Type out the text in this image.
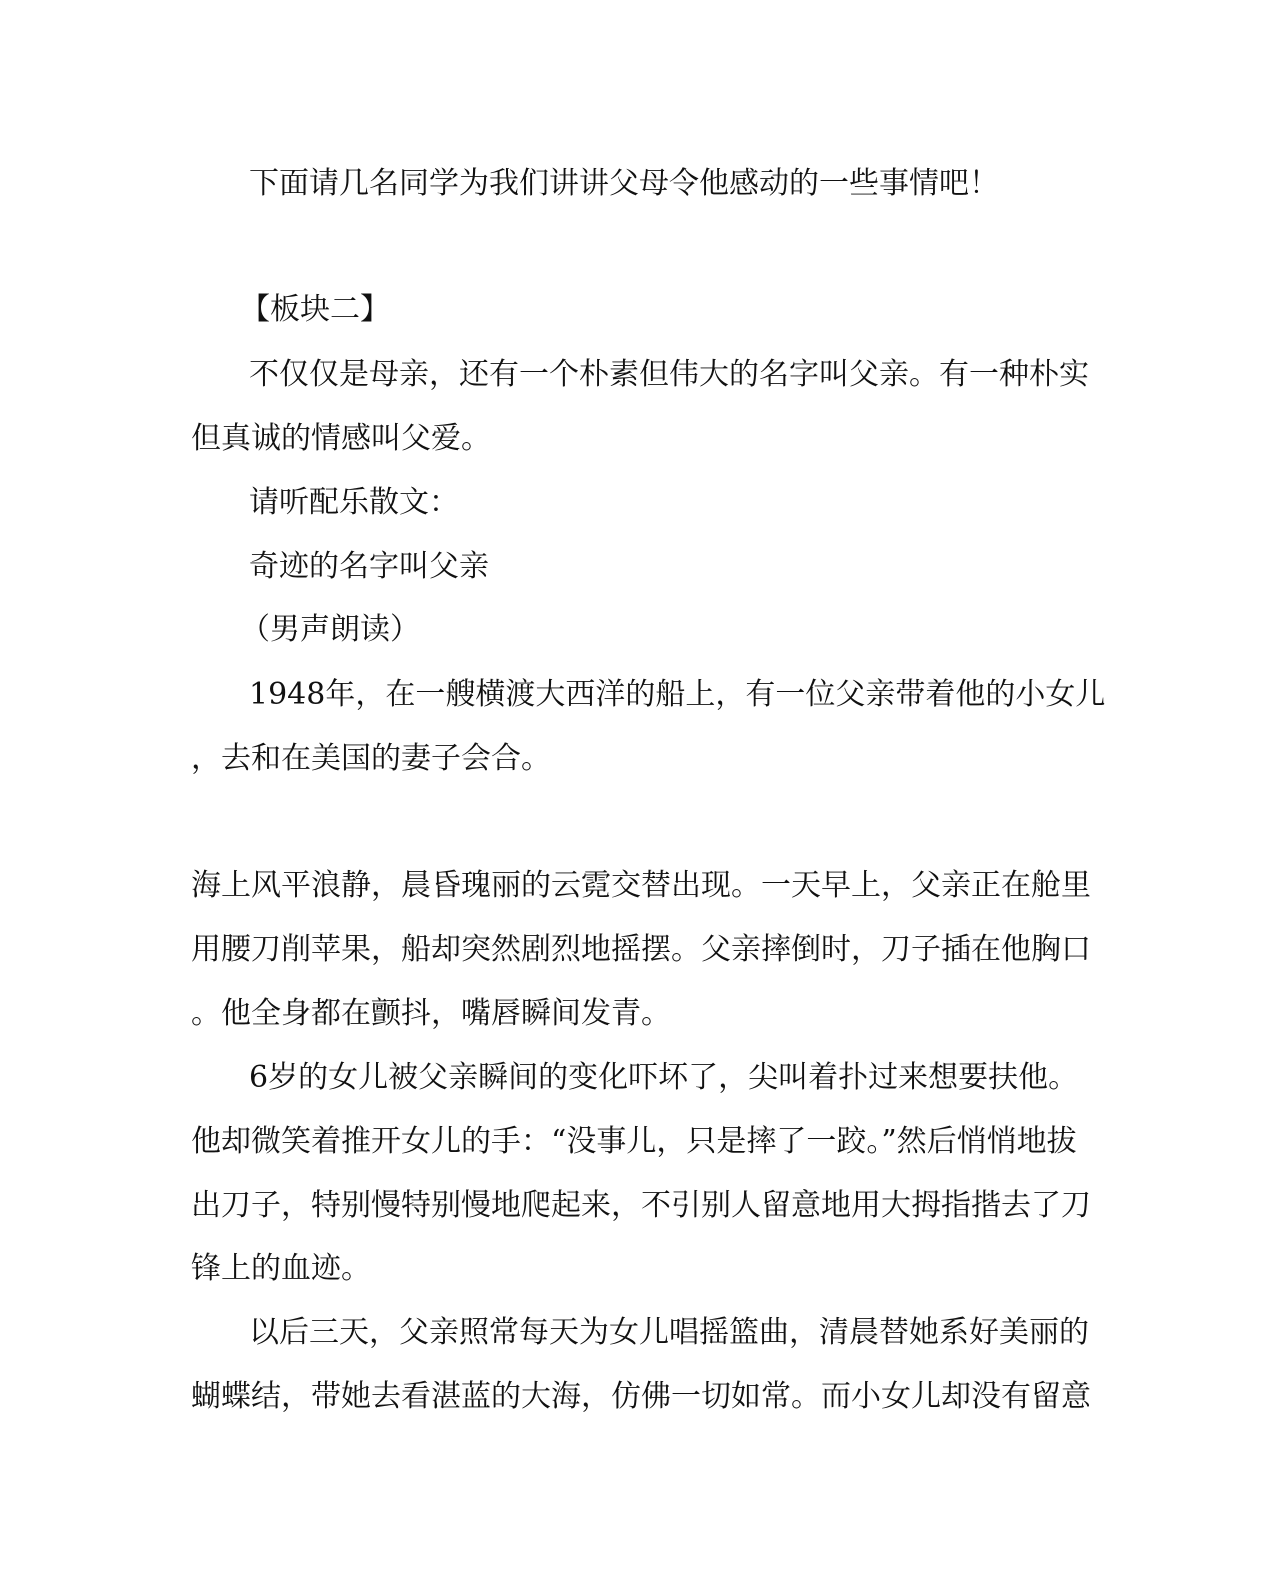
下面请几名同学为我们讲讲父母令他感动的一些事情吧！
【板块二】
不仅仅是母亲，还有一个朴素但伟大的名字叫父亲。有一种朴实
但真诚的情感叫父爱。
请听配乐散文：
奇迹的名字叫父亲
（男声朗读）
1948年，在一艘横渡大西洋的船上，有一位父亲带着他的小女儿
，去和在美国的妻子会合。
海上风平浪静，晨昏瑰丽的云霓交替出现。一天早上，父亲正在舱里
用腰刀削苹果，船却突然剧烈地摇摆。父亲摔倒时，刀子插在他胸口
。他全身都在颤抖，嘴唇瞬间发青。
6岁的女儿被父亲瞬间的变化吓坏了，尖叫着扑过来想要扶他。
他却微笑着推开女儿的手：“没事儿，只是摔了一跤。”然后悄悄地拔
出刀子，特别慢特别慢地爬起来，不引别人留意地用大拇指揩去了刀
锋上的血迹。
以后三天，父亲照常每天为女儿唱摇篮曲，清晨替她系好美丽的
蝴蝶结，带她去看湛蓝的大海，仿佛一切如常。而小女儿却没有留意
